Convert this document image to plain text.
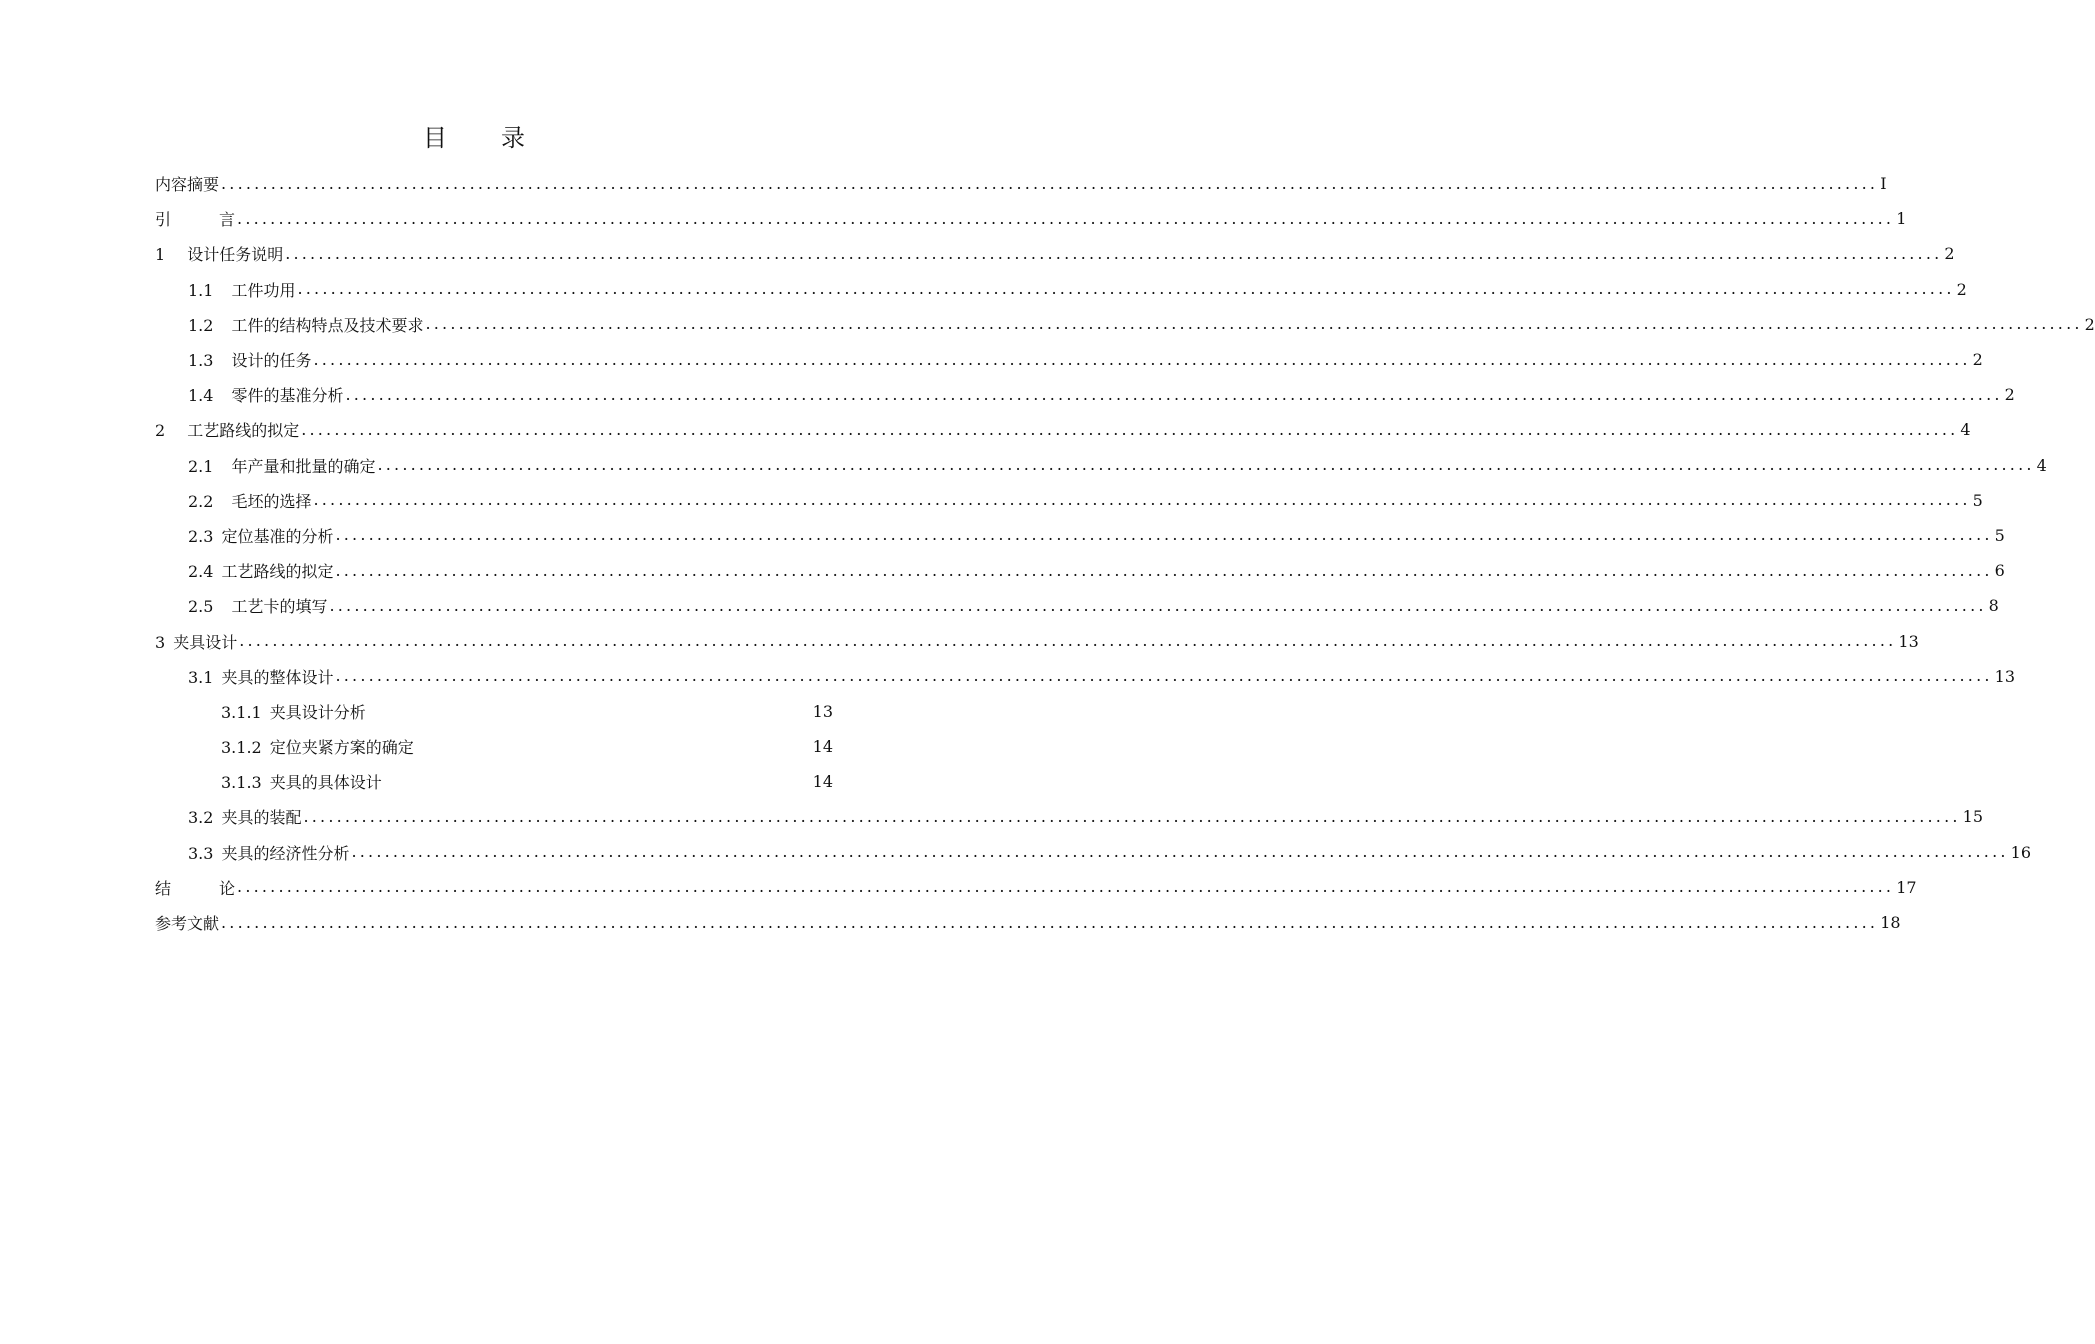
目 录
内容摘要 ........................................................................................................................................................................................................ I
引	言 ........................................................................................................................................................................................................ 1
1 设计任务说明 ........................................................................................................................................................................................................ 2
1.1 工件功用 ........................................................................................................................................................................................................ 2
1.2 工件的结构特点及技术要求 ........................................................................................................................................................................................................ 2
1.3 设计的任务 ........................................................................................................................................................................................................ 2
1.4 零件的基准分析 ........................................................................................................................................................................................................ 2
2 工艺路线的拟定 ........................................................................................................................................................................................................ 4
2.1 年产量和批量的确定 ........................................................................................................................................................................................................ 4
2.2 毛坯的选择 ........................................................................................................................................................................................................ 5
2.3 定位基准的分析 ........................................................................................................................................................................................................ 5
2.4 工艺路线的拟定 ........................................................................................................................................................................................................ 6
2.5 工艺卡的填写 ........................................................................................................................................................................................................ 8
3 夹具设计 ........................................................................................................................................................................................................ 13
3.1 夹具的整体设计 ........................................................................................................................................................................................................ 13
3.1.1 夹具设计分析	13
3.1.2 定位夹紧方案的确定	14
3.1.3 夹具的具体设计	14
3.2 夹具的装配 ........................................................................................................................................................................................................ 15
3.3 夹具的经济性分析 ........................................................................................................................................................................................................ 16
结	论 ........................................................................................................................................................................................................ 17
参考文献 ........................................................................................................................................................................................................ 18
